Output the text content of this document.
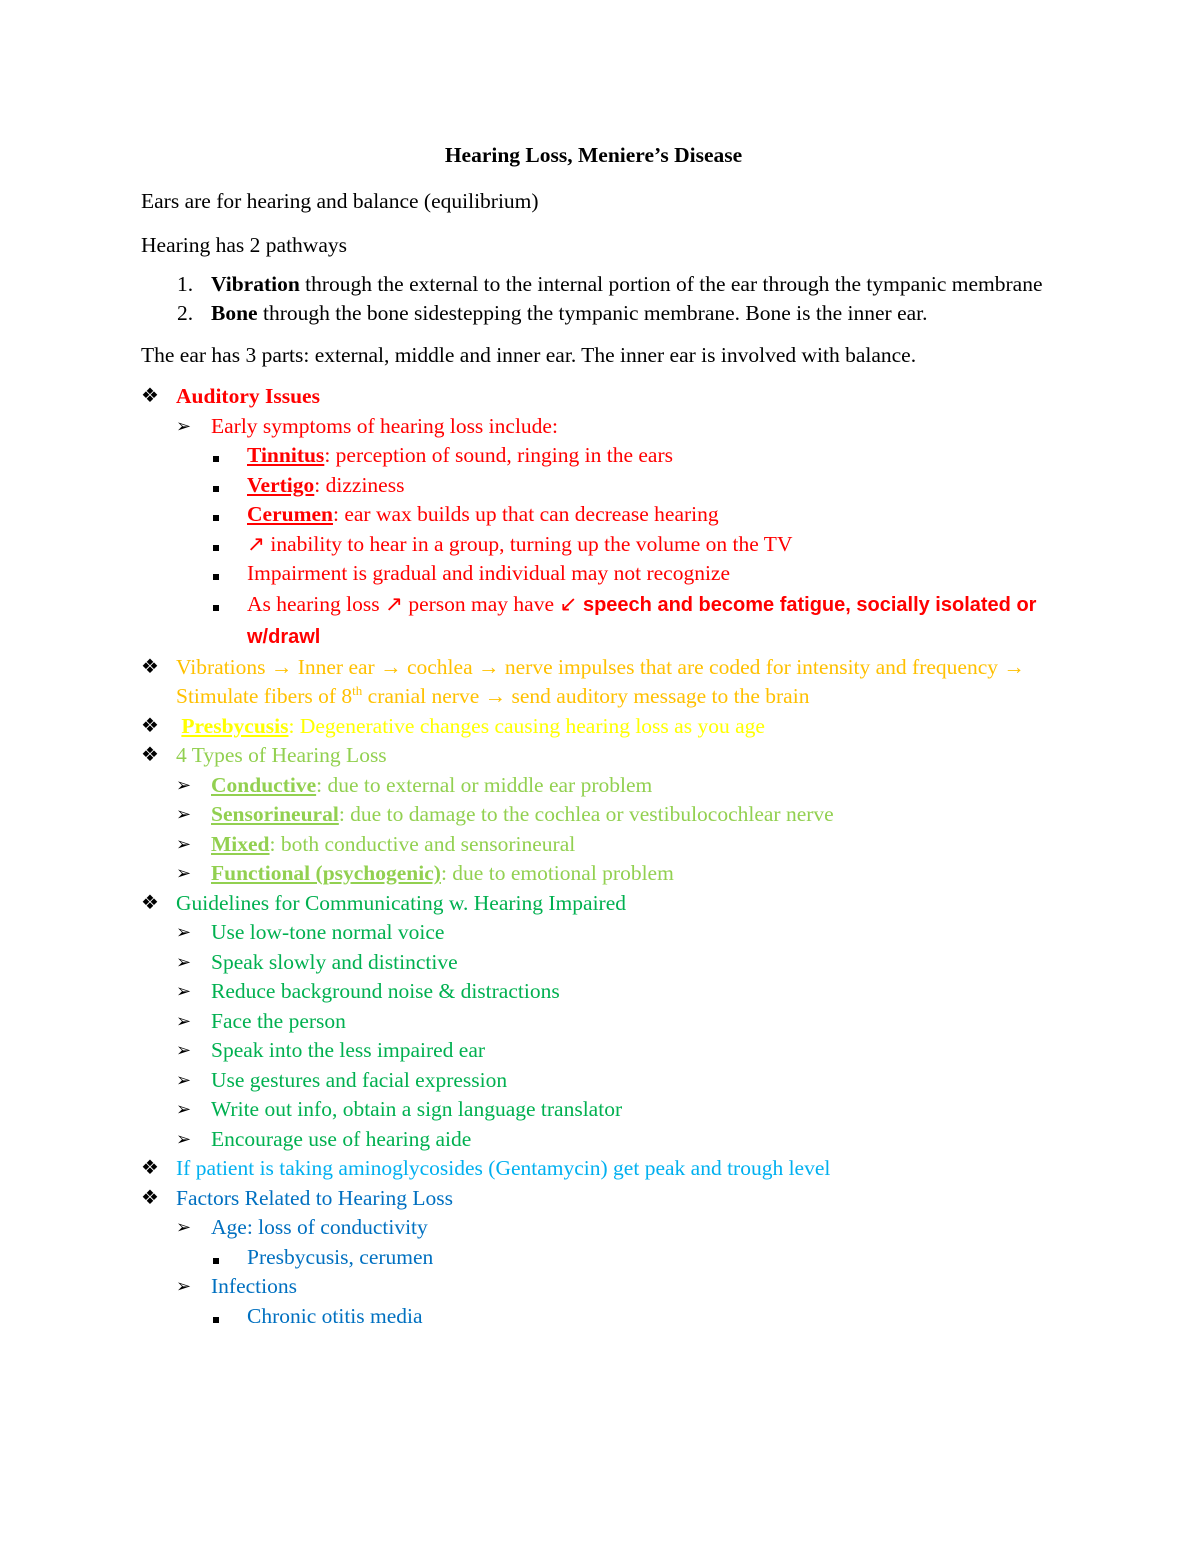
Hearing Loss, Meniere’s Disease

Ears are for hearing and balance (equilibrium)

Hearing has 2 pathways

1. Vibration through the external to the internal portion of the ear through the tympanic membrane
2. Bone through the bone sidestepping the tympanic membrane. Bone is the inner ear.

The ear has 3 parts: external, middle and inner ear. The inner ear is involved with balance.

❖ Auditory Issues
➢ Early symptoms of hearing loss include:
Tinnitus: perception of sound, ringing in the ears
Vertigo: dizziness
Cerumen: ear wax builds up that can decrease hearing
↗ inability to hear in a group, turning up the volume on the TV
Impairment is gradual and individual may not recognize
As hearing loss ↗ person may have ↙ speech and become fatigue, socially isolated or w/drawl
❖ Vibrations → Inner ear → cochlea → nerve impulses that are coded for intensity and frequency → Stimulate fibers of 8th cranial nerve → send auditory message to the brain
❖	Presbycusis: Degenerative changes causing hearing loss as you age
❖ 4 Types of Hearing Loss
➢ Conductive: due to external or middle ear problem
➢ Sensorineural: due to damage to the cochlea or vestibulocochlear nerve
➢ Mixed: both conductive and sensorineural
➢ Functional (psychogenic): due to emotional problem
❖ Guidelines for Communicating w. Hearing Impaired
➢ Use low-tone normal voice
➢ Speak slowly and distinctive
➢ Reduce background noise & distractions
➢ Face the person
➢ Speak into the less impaired ear
➢ Use gestures and facial expression
➢ Write out info, obtain a sign language translator
➢ Encourage use of hearing aide
❖ If patient is taking aminoglycosides (Gentamycin) get peak and trough level
❖ Factors Related to Hearing Loss
➢ Age: loss of conductivity
Presbycusis, cerumen
➢ Infections
Chronic otitis media
